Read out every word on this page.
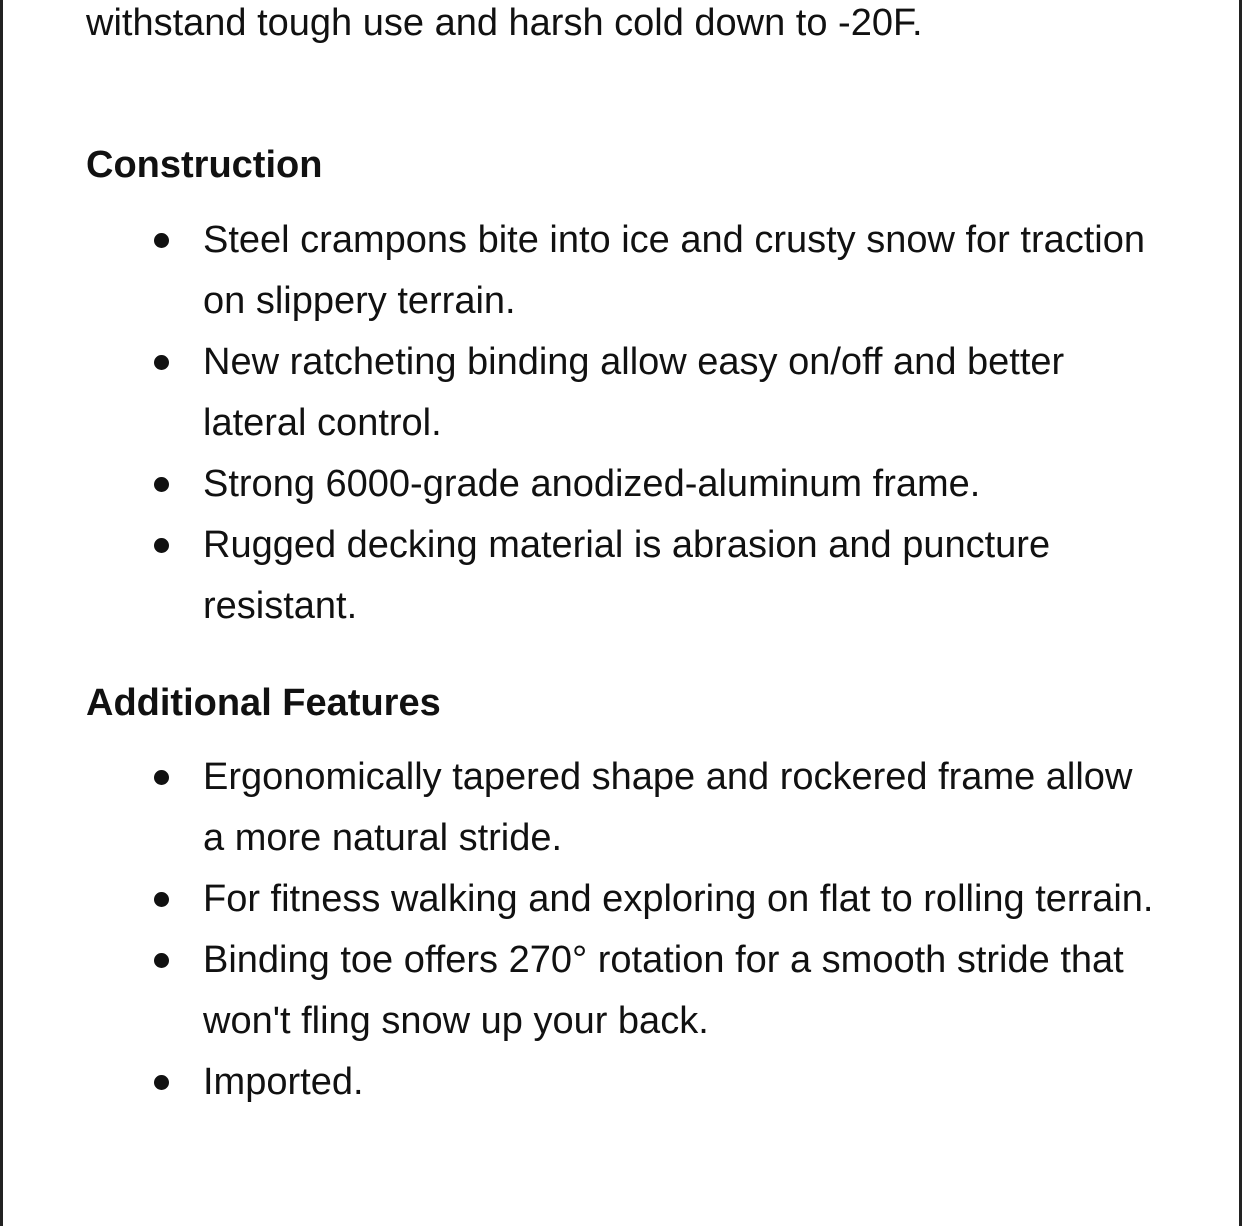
withstand tough use and harsh cold down to -20F.

Construction
Steel crampons bite into ice and crusty snow for traction on slippery terrain.
New ratcheting binding allow easy on/off and better lateral control.
Strong 6000-grade anodized-aluminum frame.
Rugged decking material is abrasion and puncture resistant.
Additional Features
Ergonomically tapered shape and rockered frame allow a more natural stride.
For fitness walking and exploring on flat to rolling terrain.
Binding toe offers 270° rotation for a smooth stride that won't fling snow up your back.
Imported.
